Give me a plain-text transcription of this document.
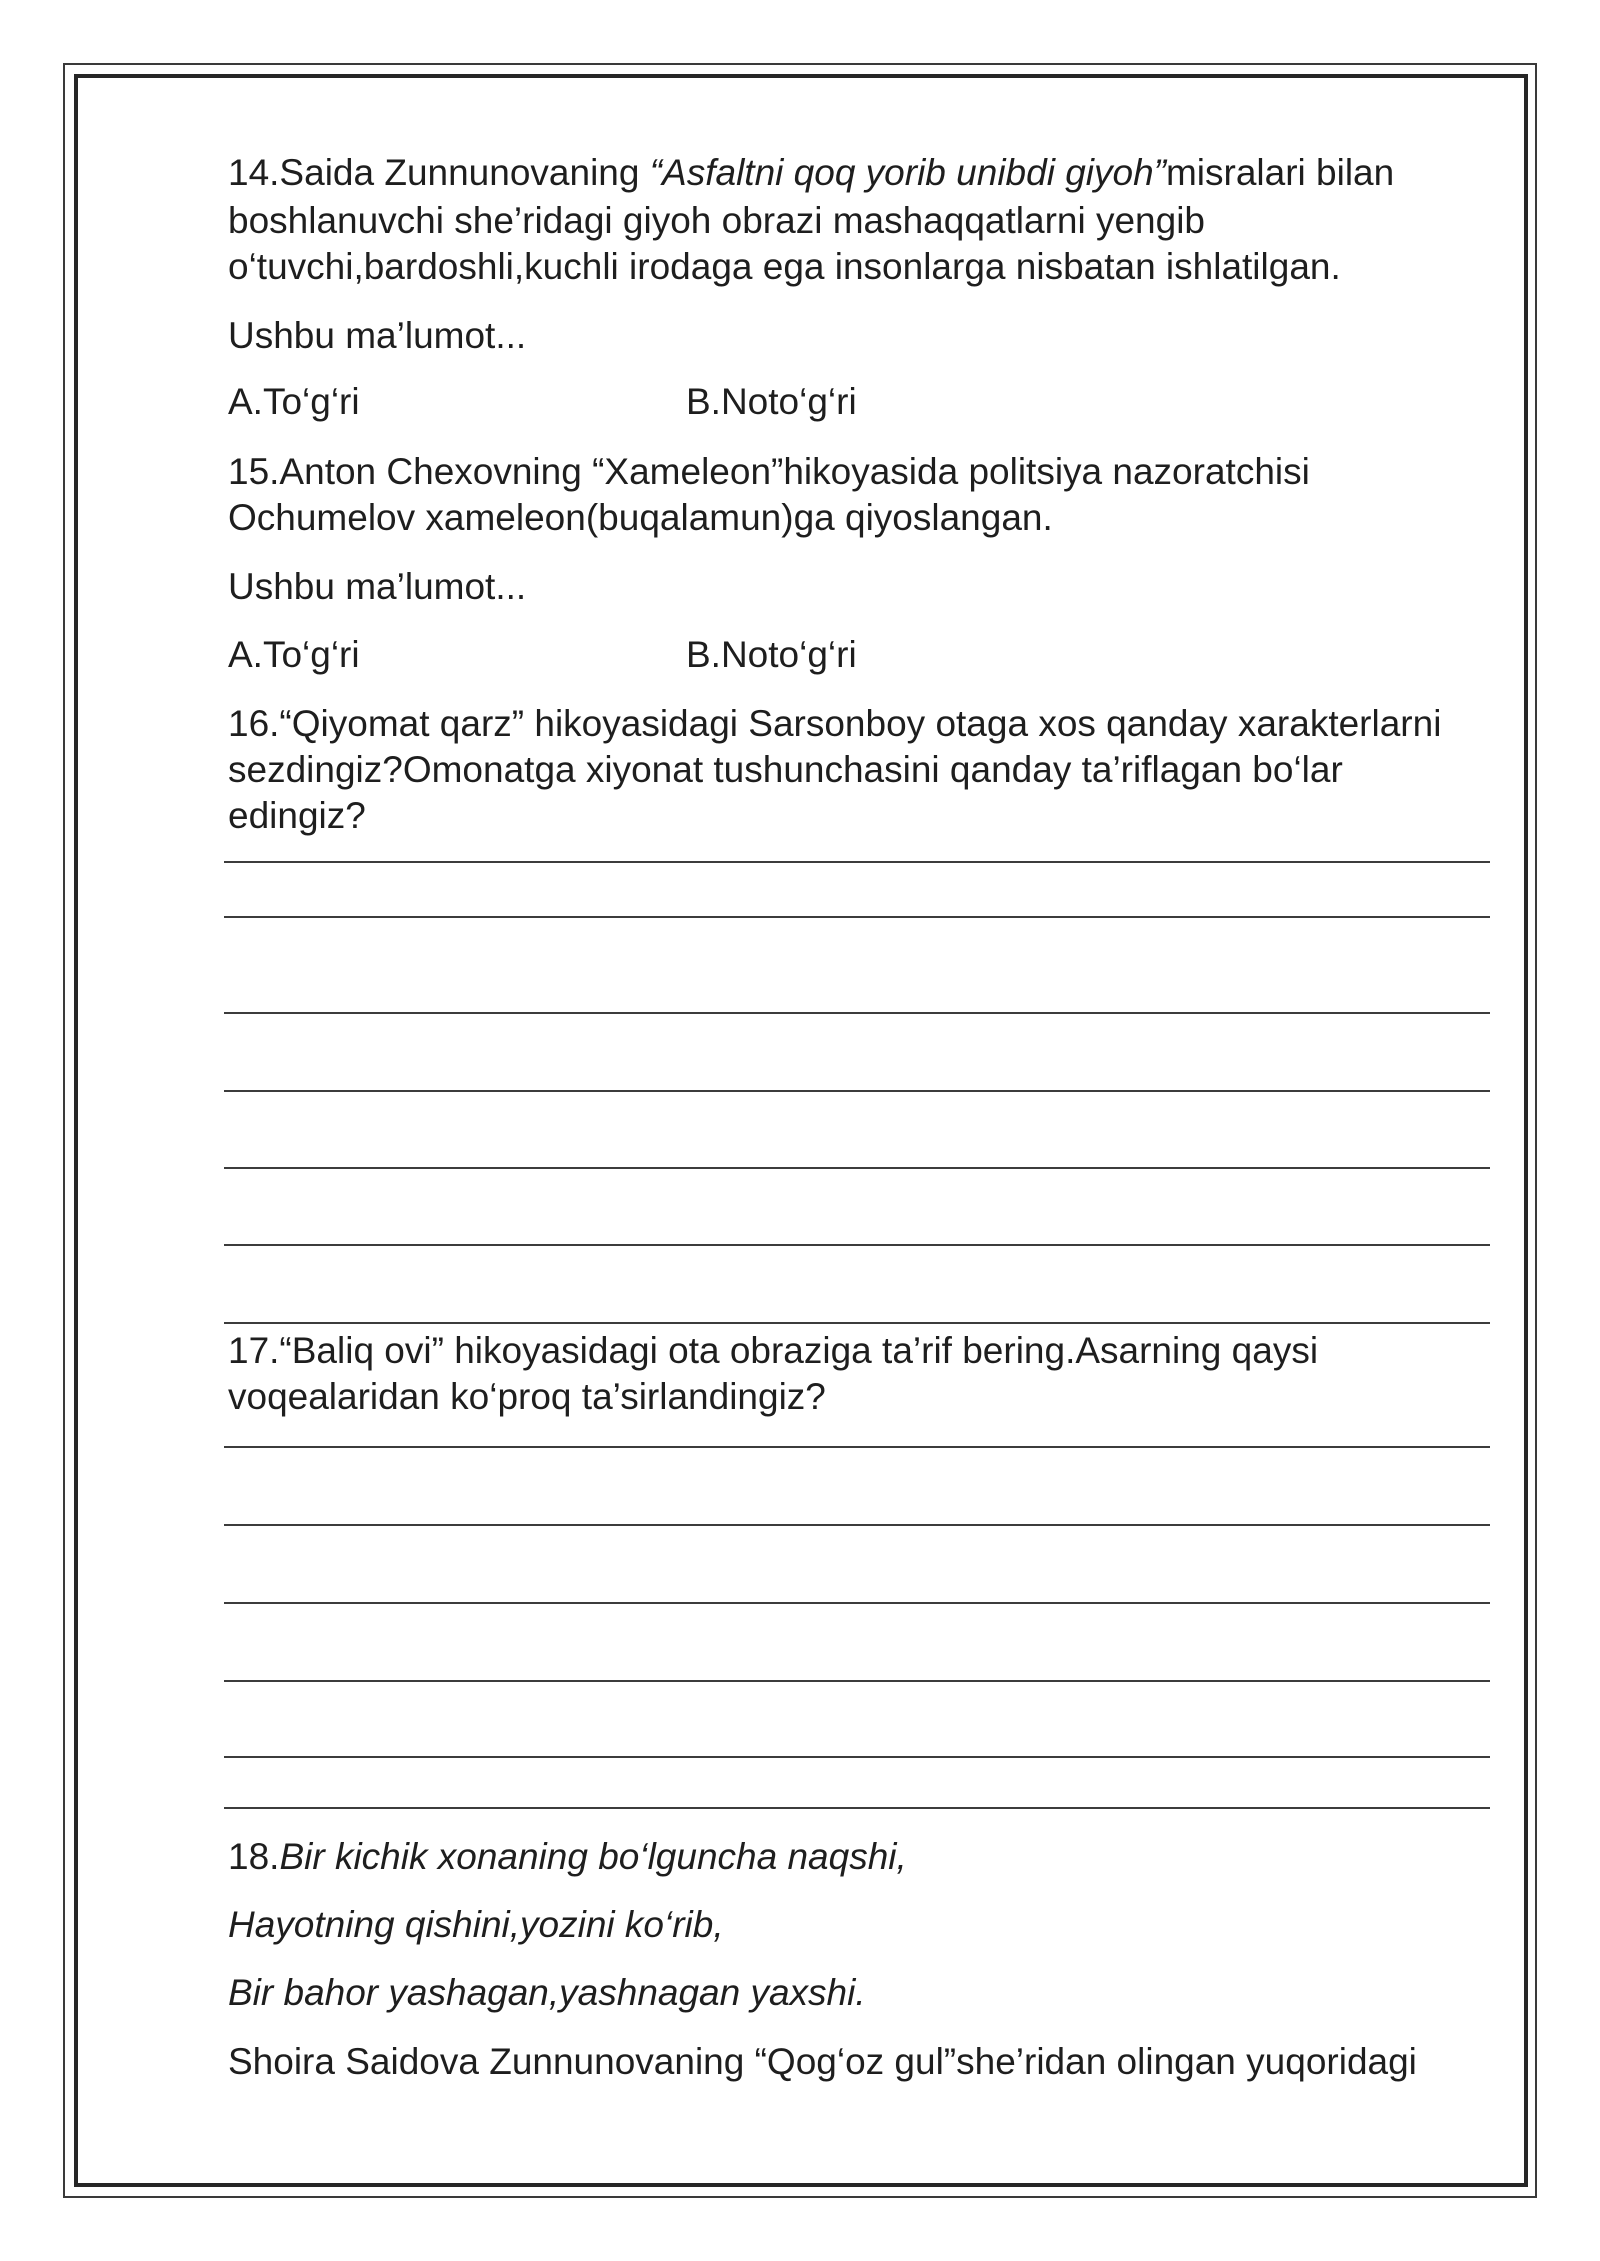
14.Saida Zunnunovaning “Asfaltni qoq yorib unibdi giyoh”misralari bilan
boshlanuvchi she’ridagi giyoh obrazi mashaqqatlarni yengib
o‘tuvchi,bardoshli,kuchli irodaga ega insonlarga nisbatan ishlatilgan.
Ushbu ma’lumot...
A.To‘g‘ri	B.Noto‘g‘ri
15.Anton Chexovning “Xameleon”hikoyasida politsiya nazoratchisi
Ochumelov xameleon(buqalamun)ga qiyoslangan.
Ushbu ma’lumot...
A.To‘g‘ri	B.Noto‘g‘ri
16.“Qiyomat qarz” hikoyasidagi Sarsonboy otaga xos qanday xarakterlarni
sezdingiz?Omonatga xiyonat tushunchasini qanday ta’riflagan bo‘lar
edingiz?
17.“Baliq ovi” hikoyasidagi ota obraziga ta’rif bering.Asarning qaysi
voqealaridan ko‘proq ta’sirlandingiz?
18.Bir kichik xonaning bo‘lguncha naqshi,
Hayotning qishini,yozini ko‘rib,
Bir bahor yashagan,yashnagan yaxshi.
Shoira Saidova Zunnunovaning “Qog‘oz gul”she’ridan olingan yuqoridagi
